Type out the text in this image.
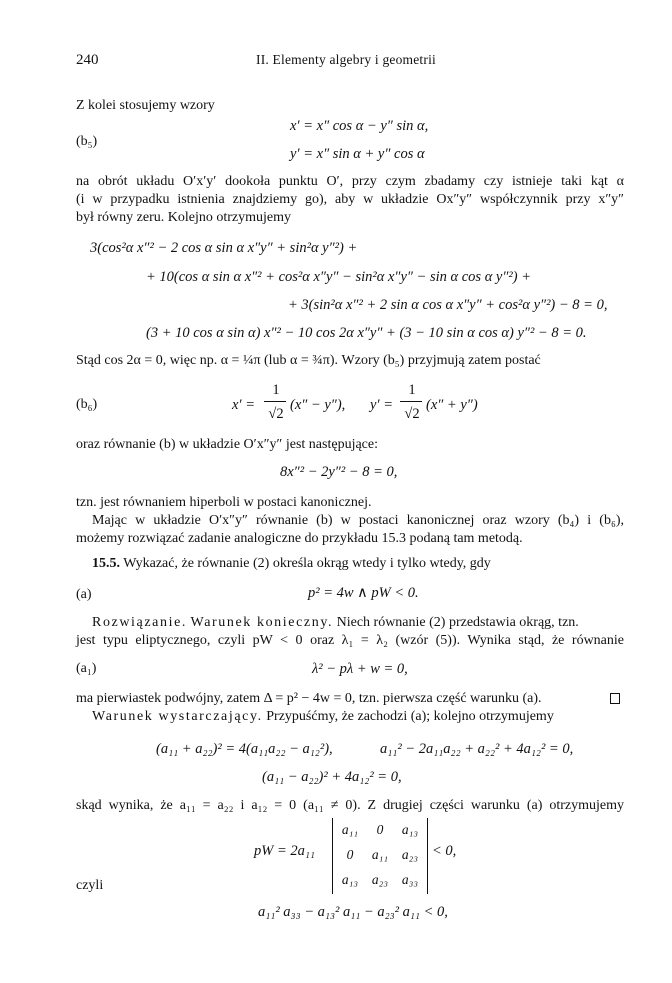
240	II. Elementy algebry i geometrii
Z kolei stosujemy wzory
x′ = x″ cos α − y″ sin α,
(b₅)
y′ = x″ sin α + y″ cos α
na obrót układu O′x′y′ dookoła punktu O′, przy czym zbadamy czy istnieje taki kąt α
(i w przypadku istnienia znajdziemy go), aby w układzie Ox″y″ współczynnik przy x″y″
był równy zeru. Kolejno otrzymujemy
3(cos²α x″² − 2 cos α sin α x″y″ + sin²α y″²) +
+ 10(cos α sin α x″² + cos²α x″y″ − sin²α x″y″ − sin α cos α y″²) +
+ 3(sin²α x″² + 2 sin α cos α x″y″ + cos²α y″²) − 8 = 0,
(3 + 10 cos α sin α) x″² − 10 cos 2α x″y″ + (3 − 10 sin α cos α) y″² − 8 = 0.
Stąd cos 2α = 0, więc np. α = ¼π (lub α = ¾π). Wzory (b₅) przyjmują zatem postać
(b₆)	x′ =
1
√2
(x″ − y″), y′ =
1
√2
(x″ + y″)
oraz równanie (b) w układzie O′x″y″ jest następujące:
8x″² − 2y″² − 8 = 0,
tzn. jest równaniem hiperboli w postaci kanonicznej.
Mając w układzie O′x″y″ równanie (b) w postaci kanonicznej oraz wzory (b₄) i (b₆),
możemy rozwiązać zadanie analogiczne do przykładu 15.3 podaną tam metodą.
15.5. Wykazać, że równanie (2) określa okrąg wtedy i tylko wtedy, gdy
(a)	p² = 4w ∧ pW < 0.
Rozwiązanie. Warunek konieczny. Niech równanie (2) przedstawia okrąg, tzn.
jest typu eliptycznego, czyli pW < 0 oraz λ₁ = λ₂ (wzór (5)). Wynika stąd, że równanie
(a₁)	λ² − pλ + w = 0,
ma pierwiastek podwójny, zatem Δ = p² − 4w = 0, tzn. pierwsza część warunku (a).
Warunek wystarczający. Przypuśćmy, że zachodzi (a); kolejno otrzymujemy
(a₁₁ + a₂₂)² = 4(a₁₁a₂₂ − a₁₂²),	a₁₁² − 2a₁₁a₂₂ + a₂₂² + 4a₁₂² = 0,
(a₁₁ − a₂₂)² + 4a₁₂² = 0,
skąd wynika, że a₁₁ = a₂₂ i a₁₂ = 0 (a₁₁ ≠ 0). Z drugiej części warunku (a) otrzymujemy
pW = 2a₁₁
a₁₁	0	a₁₃
0	a₁₁	a₂₃
a₁₃	a₂₃	a₃₃
< 0,
czyli
a₁₁² a₃₃ − a₁₃² a₁₁ − a₂₃² a₁₁ < 0,
